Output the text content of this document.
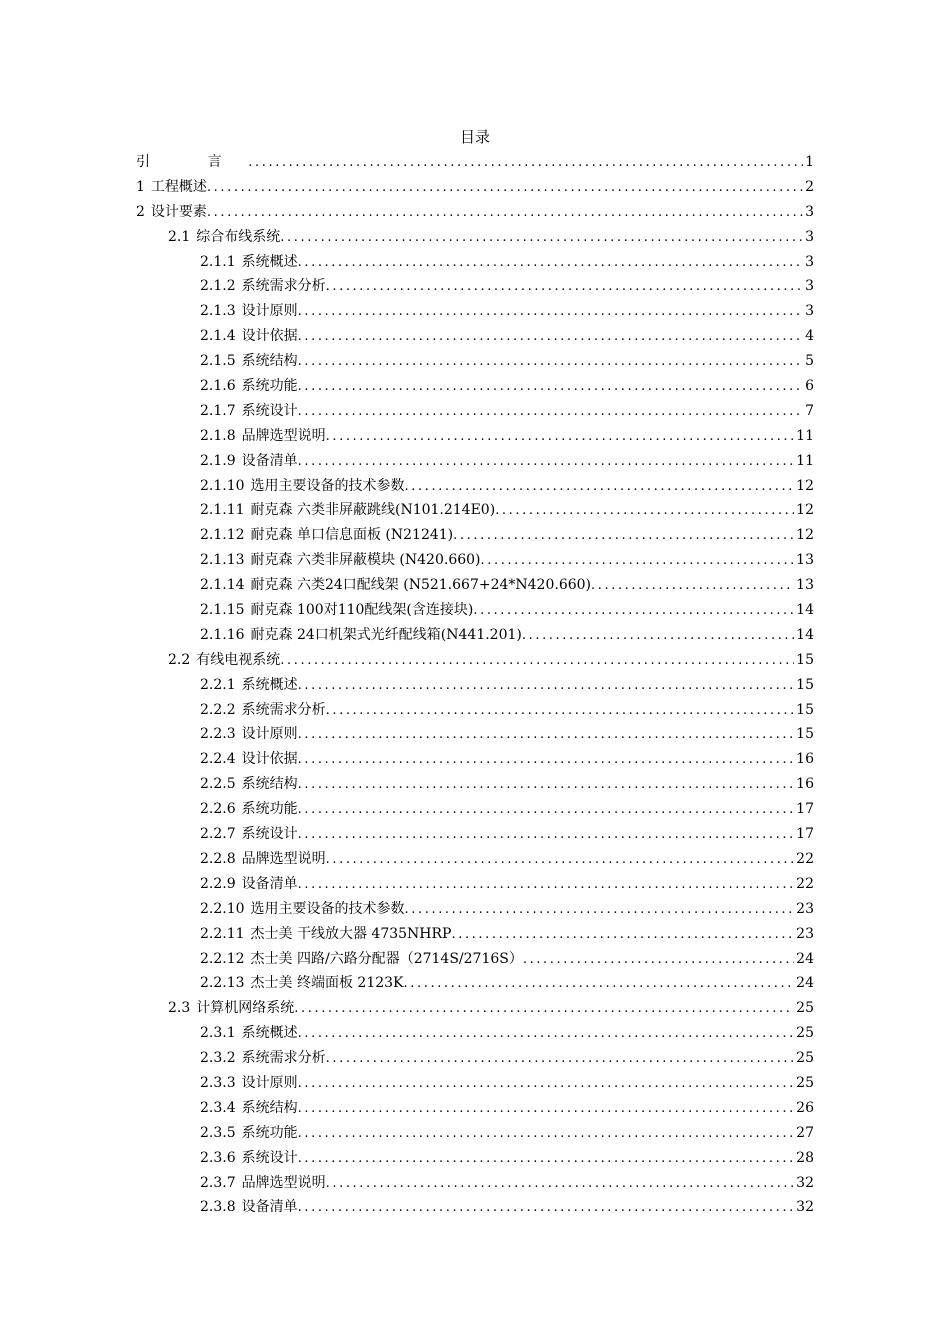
目录
引 言 .....	1
1 工程概述 .....	2
2 设计要素 .....	3
2.1 综合布线系统 .....	3
2.1.1 系统概述 .....	3
2.1.2 系统需求分析 .....	3
2.1.3 设计原则 .....	3
2.1.4 设计依据 .....	4
2.1.5 系统结构 .....	5
2.1.6 系统功能 .....	6
2.1.7 系统设计 .....	7
2.1.8 品牌选型说明 .....	11
2.1.9 设备清单 .....	11
2.1.10 选用主要设备的技术参数 .....	12
2.1.11 耐克森 六类非屏蔽跳线(N101.214E0) .....	12
2.1.12 耐克森 单口信息面板 (N21241) .....	12
2.1.13 耐克森 六类非屏蔽模块 (N420.660) .....	13
2.1.14 耐克森 六类24口配线架 (N521.667+24*N420.660) .....	13
2.1.15 耐克森 100对110配线架(含连接块) .....	14
2.1.16 耐克森 24口机架式光纤配线箱(N441.201) .....	14
2.2 有线电视系统 .....	15
2.2.1 系统概述 .....	15
2.2.2 系统需求分析 .....	15
2.2.3 设计原则 .....	15
2.2.4 设计依据 .....	16
2.2.5 系统结构 .....	16
2.2.6 系统功能 .....	17
2.2.7 系统设计 .....	17
2.2.8 品牌选型说明 .....	22
2.2.9 设备清单 .....	22
2.2.10 选用主要设备的技术参数 .....	23
2.2.11 杰士美 干线放大器 4735NHRP .....	23
2.2.12 杰士美 四路/六路分配器（2714S/2716S） .....	24
2.2.13 杰士美 终端面板 2123K .....	24
2.3 计算机网络系统 .....	25
2.3.1 系统概述 .....	25
2.3.2 系统需求分析 .....	25
2.3.3 设计原则 .....	25
2.3.4 系统结构 .....	26
2.3.5 系统功能 .....	27
2.3.6 系统设计 .....	28
2.3.7 品牌选型说明 .....	32
2.3.8 设备清单 .....	32
